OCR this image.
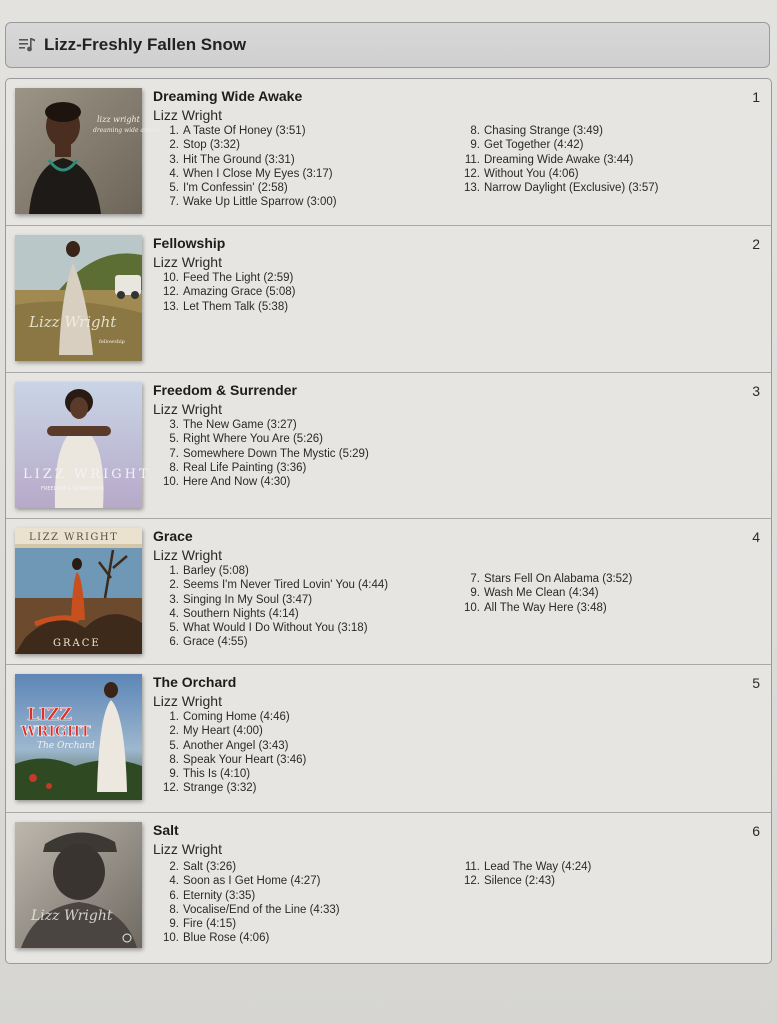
Lizz-Freshly Fallen Snow
lizz wright
dreaming wide awake
Dreaming Wide Awake
Lizz Wright
1
1. A Taste Of Honey (3:51)
2. Stop (3:32)
3. Hit The Ground (3:31)
4. When I Close My Eyes (3:17)
5. I'm Confessin' (2:58)
7. Wake Up Little Sparrow (3:00)
8. Chasing Strange (3:49)
9. Get Together (4:42)
11. Dreaming Wide Awake (3:44)
12. Without You (4:06)
13. Narrow Daylight (Exclusive) (3:57)
Lizz Wright
fellowship
Fellowship
Lizz Wright
2
10. Feed The Light (2:59)
12. Amazing Grace (5:08)
13. Let Them Talk (5:38)
LIZZ WRIGHT
FREEDOM & SURRENDER
Freedom & Surrender
Lizz Wright
3
3. The New Game (3:27)
5. Right Where You Are (5:26)
7. Somewhere Down The Mystic (5:29)
8. Real Life Painting (3:36)
10. Here And Now (4:30)
LIZZ WRIGHT
GRACE
Grace
Lizz Wright
4
1. Barley (5:08)
2. Seems I'm Never Tired Lovin' You (4:44)
3. Singing In My Soul (3:47)
4. Southern Nights (4:14)
5. What Would I Do Without You (3:18)
6. Grace (4:55)
7. Stars Fell On Alabama (3:52)
9. Wash Me Clean (4:34)
10. All The Way Here (3:48)
LIZZ
WRIGHT
The Orchard
The Orchard
Lizz Wright
5
1. Coming Home (4:46)
2. My Heart (4:00)
5. Another Angel (3:43)
8. Speak Your Heart (3:46)
9. This Is (4:10)
12. Strange (3:32)
Lizz Wright
Salt
Lizz Wright
6
2. Salt (3:26)
4. Soon as I Get Home (4:27)
6. Eternity (3:35)
8. Vocalise/End of the Line (4:33)
9. Fire (4:15)
10. Blue Rose (4:06)
11. Lead The Way (4:24)
12. Silence (2:43)
